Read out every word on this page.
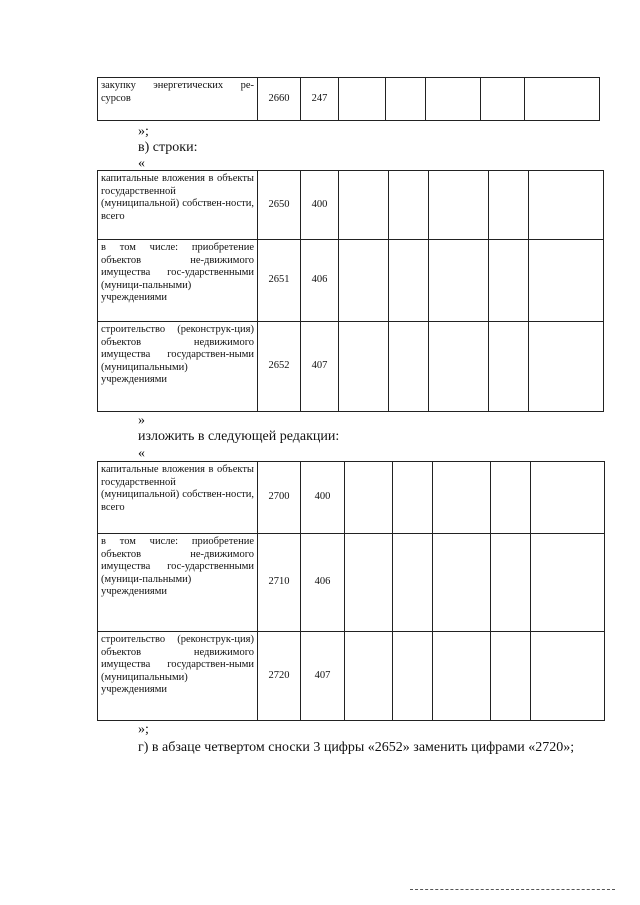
закупку энергетических ре-сурсов	2660	247					
»;
в) строки:
«
капитальные вложения в объекты государственной (муниципальной) собствен-ности, всего	2650	400					
в том числе: приобретение объектов не-движимого имущества гос-ударственными (муници-пальными) учреждениями	2651	406					
строительство (реконструк-ция) объектов недвижимого имущества государствен-ными (муниципальными) учреждениями	2652	407					
»
изложить в следующей редакции:
«
капитальные вложения в объекты государственной (муниципальной) собствен-ности, всего	2700	400					
в том числе: приобретение объектов не-движимого имущества гос-ударственными (муници-пальными) учреждениями	2710	406					
строительство (реконструк-ция) объектов недвижимого имущества государствен-ными (муниципальными) учреждениями	2720	407					
»;
г) в абзаце четвертом сноски 3 цифры «2652» заменить цифрами «2720»;
